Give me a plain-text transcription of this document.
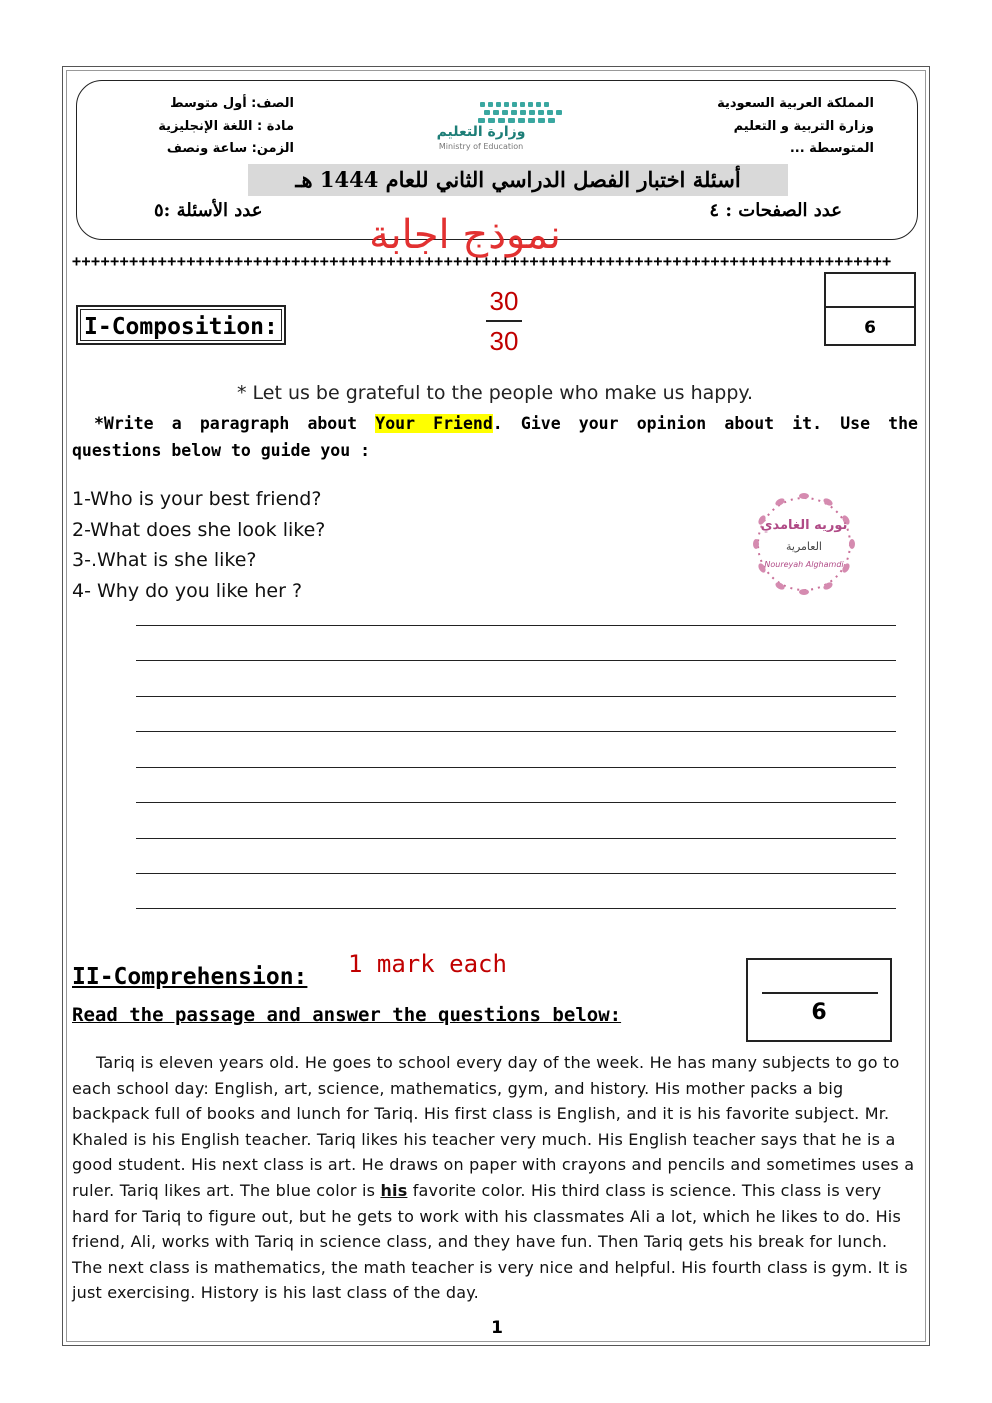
المملكة العربية السعودية
وزارة التربية و التعليم
المتوسطة ...
الصف: أول متوسط
مادة : اللغة الإنجليزية
الزمن: ساعة ونصف
وزارة التعليم
Ministry of Education
أسئلة اختبار الفصل الدراسي الثاني للعام 1444 هـ
عدد الصفحات : ٤
عدد الأسئلة :٥
نموذج اجابة
++++++++++++++++++++++++++++++++++++++++++++++++++++++++++++++++++++++++++++++++++++++
I-Composition:
30
30	6
* Let us be grateful to the people who make us happy.
*Write a paragraph about Your Friend. Give your opinion about it. Use the questions below to guide you :
1-Who is your best friend?
2-What does she look like?
3-.What is she like?
4- Why do you like her ?
نوريه الغامدي
العامرية
Noureyah Alghamdi
II-Comprehension: 1 mark each
Read the passage and answer the questions below:	6
Tariq is eleven years old. He goes to school every day of the week. He has many subjects to go to each school day: English, art, science, mathematics, gym, and history. His mother packs a big backpack full of books and lunch for Tariq. His first class is English, and it is his favorite subject. Mr. Khaled is his English teacher. Tariq likes his teacher very much. His English teacher says that he is a good student. His next class is art. He draws on paper with crayons and pencils and sometimes uses a ruler. Tariq likes art. The blue color is his favorite color. His third class is science. This class is very hard for Tariq to figure out, but he gets to work with his classmates Ali a lot, which he likes to do. His friend, Ali, works with Tariq in science class, and they have fun. Then Tariq gets his break for lunch. The next class is mathematics, the math teacher is very nice and helpful. His fourth class is gym. It is just exercising. History is his last class of the day.
1
